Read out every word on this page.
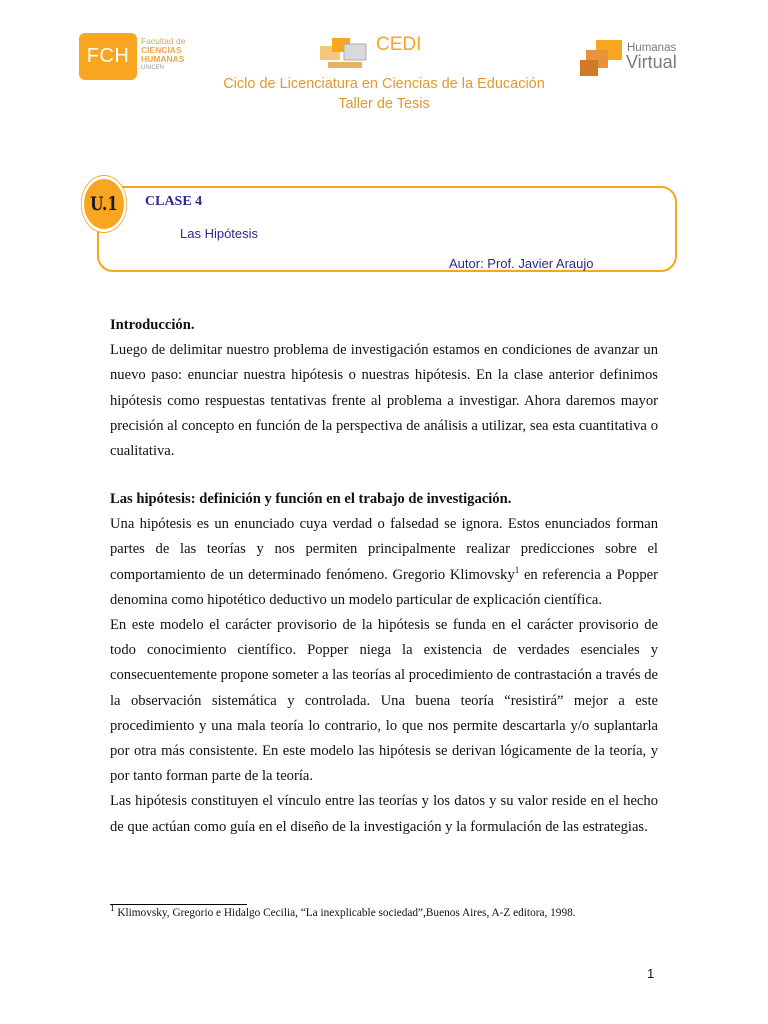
FCH
Facultad de
CIENCIAS
HUMANAS
UNICEN
CEDI	Humanas
Virtual
Ciclo de Licenciatura en Ciencias de la Educación
Taller de Tesis
U.1	CLASE 4
Las Hipótesis
Autor: Prof. Javier Araujo

Introducción.

Luego de delimitar nuestro problema de investigación estamos en condiciones de avanzar un nuevo paso: enunciar nuestra hipótesis o nuestras hipótesis. En la clase anterior definimos hipótesis como respuestas tentativas frente al problema a investigar. Ahora daremos mayor precisión al concepto en función de la perspectiva de análisis a utilizar, sea esta cuantitativa o cualitativa.

Las hipótesis: definición y función en el trabajo de investigación.

Una hipótesis es un enunciado cuya verdad o falsedad se ignora. Estos enunciados forman partes de las teorías y nos permiten principalmente realizar predicciones sobre el comportamiento de un determinado fenómeno. Gregorio Klimovsky$^1$ en referencia a Popper denomina como hipotético deductivo un modelo particular de explicación científica.

En este modelo el carácter provisorio de la hipótesis se funda en el carácter provisorio de todo conocimiento científico. Popper niega la existencia de verdades esenciales y consecuentemente propone someter a las teorías al procedimiento de contrastación a través de la observación sistemática y controlada. Una buena teoría “resistirá” mejor a este procedimiento y una mala teoría lo contrario, lo que nos permite descartarla y/o suplantarla por otra más consistente. En este modelo las hipótesis se derivan lógicamente de la teoría, y por tanto forman parte de la teoría.

Las hipótesis constituyen el vínculo entre las teorías y los datos y su valor reside en el hecho de que actúan como guía en el diseño de la investigación y la formulación de las estrategias.

$^1$ Klimovsky, Gregorio e Hidalgo Cecilia, “La inexplicable sociedad”,Buenos Aires, A-Z editora, 1998.
1
